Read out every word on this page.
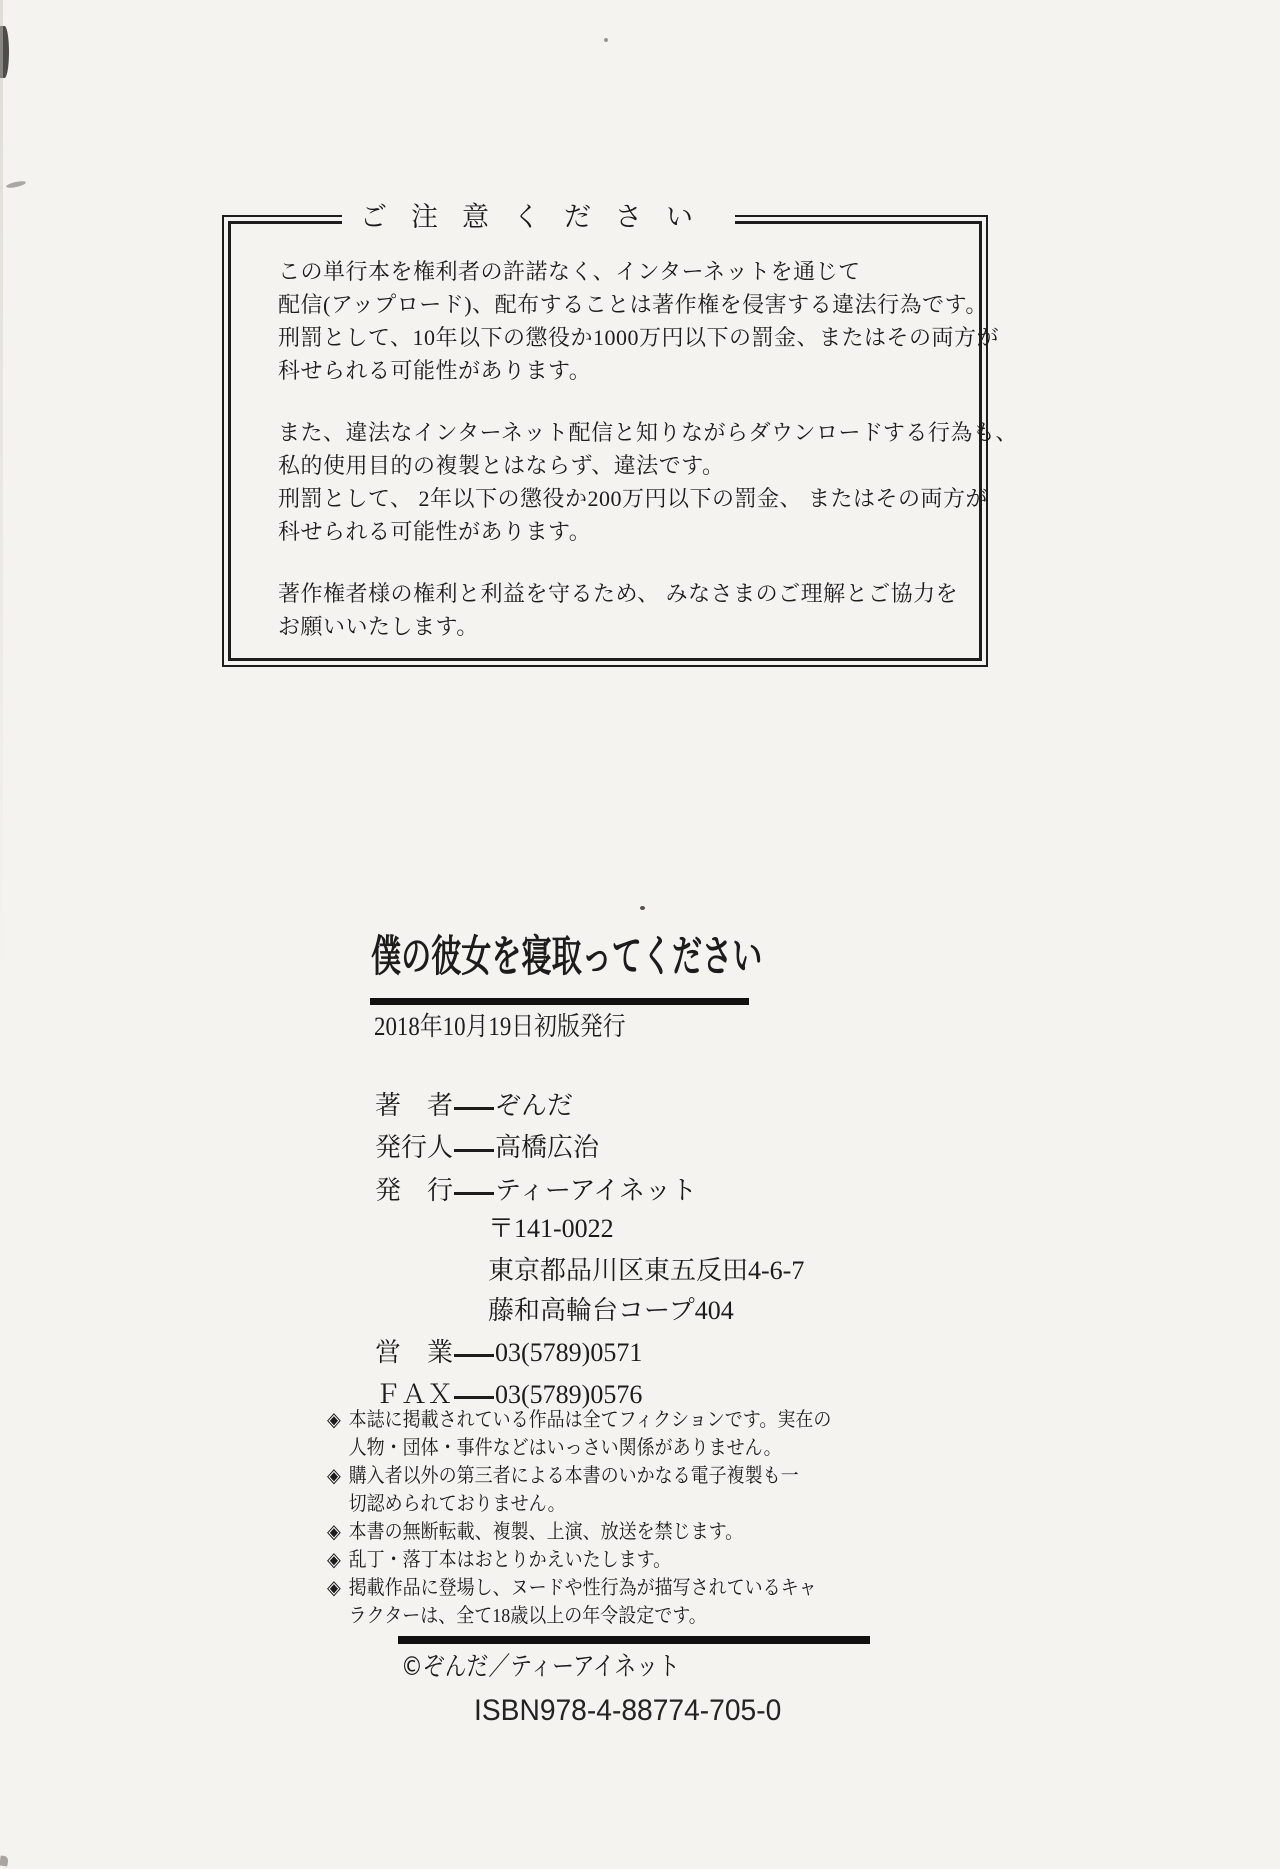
ご注意ください
この単行本を権利者の許諾なく、インターネットを通じて
配信(アップロード)、配布することは著作権を侵害する違法行為です。
刑罰として、10年以下の懲役か1000万円以下の罰金、またはその両方が
科せられる可能性があります。
また、違法なインターネット配信と知りながらダウンロードする行為も、
私的使用目的の複製とはならず、違法です。
刑罰として、 2年以下の懲役か200万円以下の罰金、 またはその両方が
科せられる可能性があります。
著作権者様の権利と利益を守るため、 みなさまのご理解とご協力を
お願いいたします。
僕の彼女を寝取ってください
2018年10月19日初版発行
著　者 ぞんだ
発行人 高橋広治
発　行 ティーアイネット
〒141-0022
東京都品川区東五反田4-6-7
藤和高輪台コープ404
営　業 03(5789)0571
ＦＡＸ 03(5789)0576
◈ 本誌に掲載されている作品は全てフィクションです。実在の
人物・団体・事件などはいっさい関係がありません。
◈ 購入者以外の第三者による本書のいかなる電子複製も一
切認められておりません。
◈ 本書の無断転載、複製、上演、放送を禁じます。
◈ 乱丁・落丁本はおとりかえいたします。
◈ 掲載作品に登場し、ヌードや性行為が描写されているキャ
ラクターは、全て18歳以上の年令設定です。
©ぞんだ／ティーアイネット
ISBN978-4-88774-705-0
